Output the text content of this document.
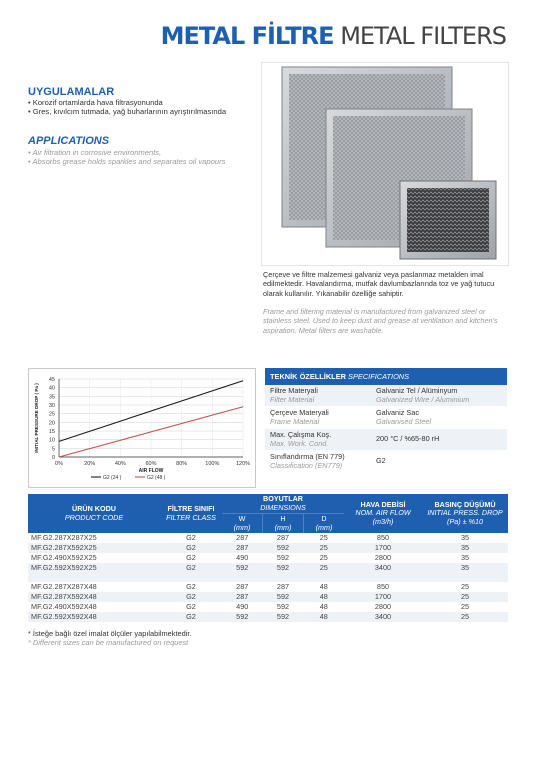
METAL FİLTRE METAL FILTERS
UYGULAMALAR
• Korozif ortamlarda hava filtrasyonunda
• Gres, kıvılcım tutmada, yağ buharlarının ayrıştırılmasında
APPLICATIONS
• Air filtration in corrosive environments,
• Absorbs grease holds sparkles and separates oil vapours
Çerçeve ve filtre malzemesi galvaniz veya paslanmaz metalden imal edilmektedir. Havalandırma, mutfak davlumbazlarında toz ve yağ tutucu olarak kullanılır. Yıkanabilir özelliğe sahiptir.
Frame and filtering material is manufactured from galvanized steel or stainless steel. Used to keep dust and grease at ventilation and kitchen's aspiration. Metal filters are washable.
0
5
10
15
20
25
30
35
40
45
0%	20%	40%	60%	80%	100%	120%
INITIAL PRESSURE DROP ( Pa )
AIR FLOW
G2 (24 )	G2 (48 )
TEKNİK ÖZELLİKLER SPECIFICATIONS	
Filtre Materyali
Filter Material	Galvaniz Tel / Alüminyum
Galvanized Wire / Aluminium

Çerçeve Materyali
Frame Material	Galvaniz Sac
Galvanised Steel

Max. Çalışma Koş.
Max. Work. Cond.	200 °C / %65-80 rH
Sınıflandırma (EN 779)
Classification (EN779)	G2
ÜRÜN KODU
PRODUCT CODE	FİLTRE SINIFI
FILTER CLASS	BOYUTLAR
DIMENSIONS			HAVA DEBİSİ
NOM. AIR FLOW
(m3/h)	BASINÇ DÜŞÜMÜ
INITIAL PRESS. DROP
(Pa) ± %10

		W
(mm)	H
(mm)	D
(mm)		

MF.G2.287X287X25	G2	287	287	25	850	35
MF.G2.287X592X25	G2	287	592	25	1700	35
MF.G2.490X592X25	G2	490	592	25	2800	35
MF.G2.592X592X25	G2	592	592	25	3400	35

MF.G2.287X287X48	G2	287	287	48	850	25
MF.G2.287X592X48	G2	287	592	48	1700	25
MF.G2.490X592X48	G2	490	592	48	2800	25
MF.G2.592X592X48	G2	592	592	48	3400	25
* İsteğe bağlı özel imalat ölçüler yapılabilmektedir.
* Different sizes can be manufactured on request
